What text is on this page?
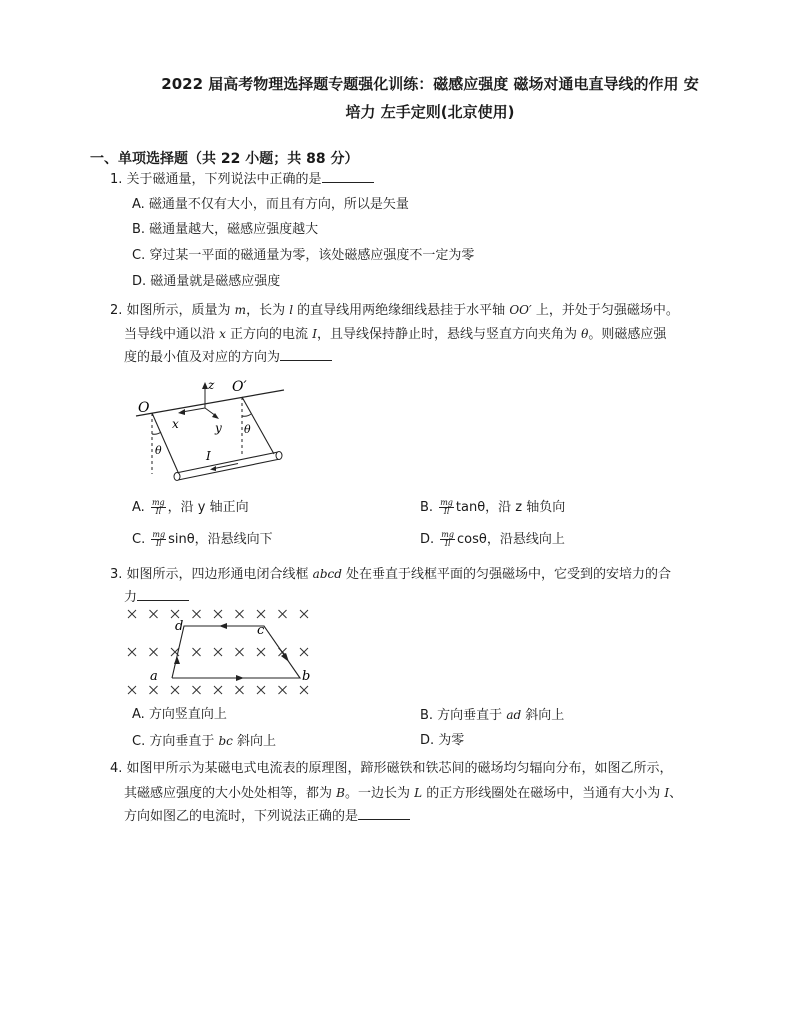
2022 届高考物理选择题专题强化训练：磁感应强度 磁场对通电直导线的作用 安
培力 左手定则(北京使用)
一、单项选择题（共 22 小题；共 88 分）
1. 关于磁通量，下列说法中正确的是
A. 磁通量不仅有大小，而且有方向，所以是矢量
B. 磁通量越大，磁感应强度越大
C. 穿过某一平面的磁通量为零，该处磁感应强度不一定为零
D. 磁通量就是磁感应强度
2. 如图所示，质量为 m，长为 l 的直导线用两绝缘细线悬挂于水平轴 OO′ 上，并处于匀强磁场中。
当导线中通以沿 x 正方向的电流 I，且导线保持静止时，悬线与竖直方向夹角为 θ。则磁感应强
度的最小值及对应的方向为
O
O′
z
x	y
θ
θ
I
A. $\frac{mg}{Il}$ ，沿 y 轴正向	B. $\frac{mg}{Il}$ tanθ，沿 z 轴负向
C. $\frac{mg}{Il}$ sinθ，沿悬线向下	D. $\frac{mg}{Il}$ cosθ，沿悬线向上
3. 如图所示，四边形通电闭合线框 abcd 处在垂直于线框平面的匀强磁场中，它受到的安培力的合
力
a	b
c
d
A. 方向竖直向上	B. 方向垂直于 ad 斜向上
C. 方向垂直于 bc 斜向上	D. 为零
4. 如图甲所示为某磁电式电流表的原理图，蹄形磁铁和铁芯间的磁场均匀辐向分布，如图乙所示，
其磁感应强度的大小处处相等，都为 B。一边长为 L 的正方形线圈处在磁场中，当通有大小为 I、
方向如图乙的电流时，下列说法正确的是
